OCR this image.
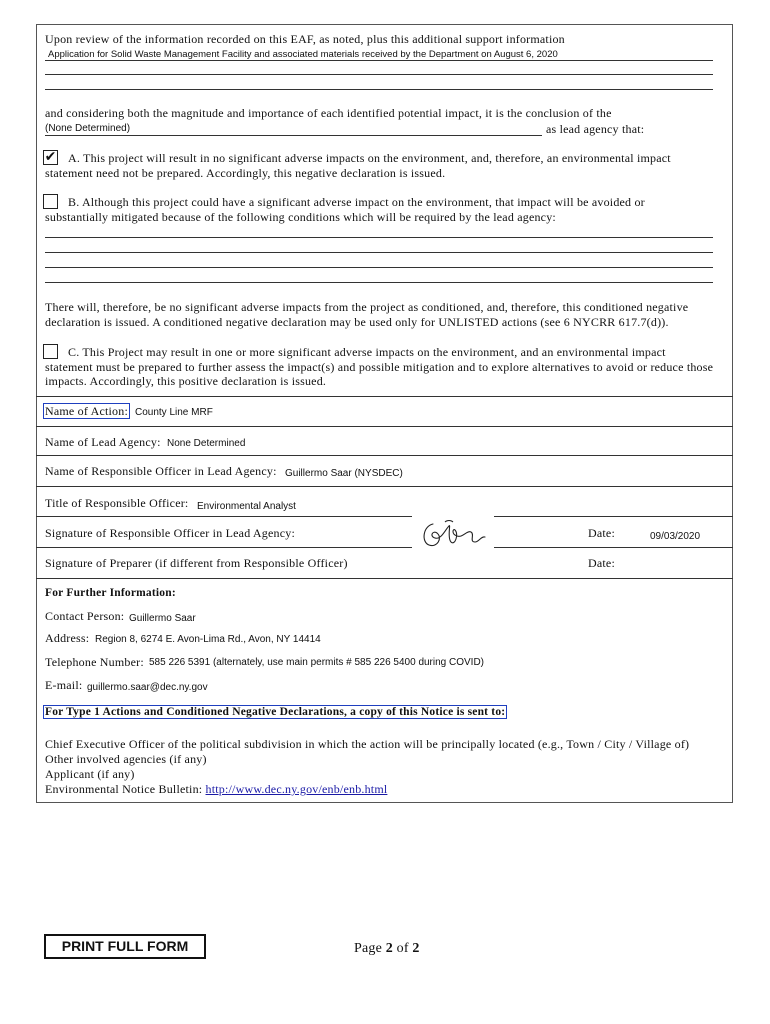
Upon review of the information recorded on this EAF, as noted, plus this additional support information
Application for Solid Waste Management Facility and associated materials received by the Department on August 6, 2020
and considering both the magnitude and importance of each identified potential impact, it is the conclusion of the
(None Determined)	as lead agency that:
✔ A. This project will result in no significant adverse impacts on the environment, and, therefore, an environmental impact
statement need not be prepared. Accordingly, this negative declaration is issued.
B. Although this project could have a significant adverse impact on the environment, that impact will be avoided or
substantially mitigated because of the following conditions which will be required by the lead agency:
There will, therefore, be no significant adverse impacts from the project as conditioned, and, therefore, this conditioned negative
declaration is issued. A conditioned negative declaration may be used only for UNLISTED actions (see 6 NYCRR 617.7(d)).
C. This Project may result in one or more significant adverse impacts on the environment, and an environmental impact
statement must be prepared to further assess the impact(s) and possible mitigation and to explore alternatives to avoid or reduce those
impacts. Accordingly, this positive declaration is issued.
Name of Action: County Line MRF
Name of Lead Agency: None Determined
Name of Responsible Officer in Lead Agency: Guillermo Saar (NYSDEC)
Title of Responsible Officer: Environmental Analyst
Signature of Responsible Officer in Lead Agency:	Date:	09/03/2020
Signature of Preparer (if different from Responsible Officer)	Date:
For Further Information:
Contact Person: Guillermo Saar
Address: Region 8, 6274 E. Avon-Lima Rd., Avon, NY 14414
Telephone Number: 585 226 5391 (alternately, use main permits # 585 226 5400 during COVID)
E-mail: guillermo.saar@dec.ny.gov
For Type 1 Actions and Conditioned Negative Declarations, a copy of this Notice is sent to:
Chief Executive Officer of the political subdivision in which the action will be principally located (e.g., Town / City / Village of)
Other involved agencies (if any)
Applicant (if any)
Environmental Notice Bulletin: http://www.dec.ny.gov/enb/enb.html
PRINT FULL FORM	Page 2 of 2
